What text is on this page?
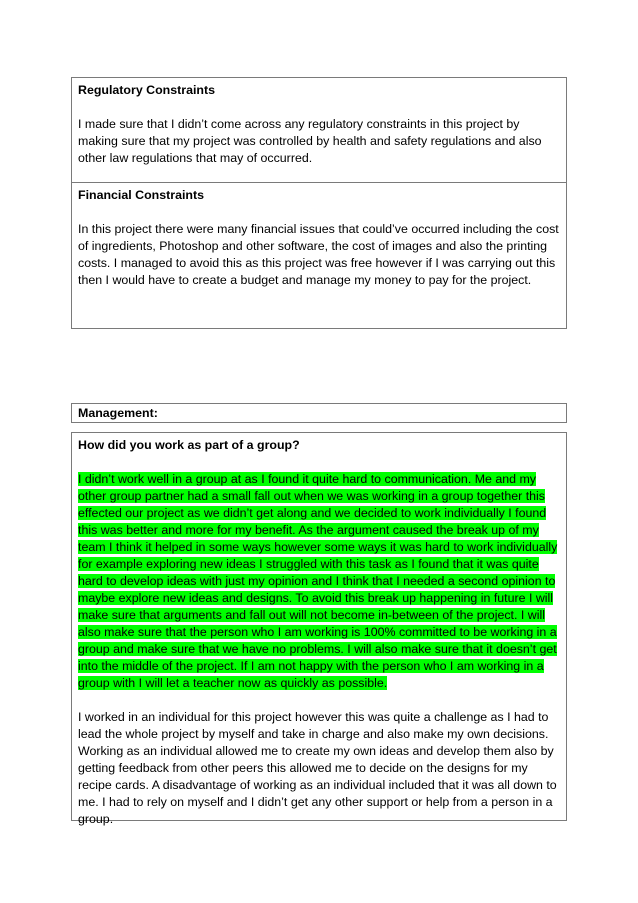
Regulatory Constraints

I made sure that I didn’t come across any regulatory constraints in this project by making sure that my project was controlled by health and safety regulations and also other law regulations that may of occurred.

Financial Constraints

In this project there were many financial issues that could’ve occurred including the cost of ingredients, Photoshop and other software, the cost of images and also the printing costs. I managed to avoid this as this project was free however if I was carrying out this then I would have to create a budget and manage my money to pay for the project.

Management:

How did you work as part of a group?

I didn’t work well in a group at as I found it quite hard to communication. Me and my other group partner had a small fall out when we was working in a group together this effected our project as we didn’t get along and we decided to work individually I found this was better and more for my benefit. As the argument caused the break up of my team I think it helped in some ways however some ways it was hard to work individually for example exploring new ideas I struggled with this task as I found that it was quite hard to develop ideas with just my opinion and I think that I needed a second opinion to maybe explore new ideas and designs. To avoid this break up happening in future I will make sure that arguments and fall out will not become in-between of the project. I will also make sure that the person who I am working is 100% committed to be working in a group and make sure that we have no problems. I will also make sure that it doesn’t get into the middle of the project. If I am not happy with the person who I am working in a group with I will let a teacher now as quickly as possible.

I worked in an individual for this project however this was quite a challenge as I had to lead the whole project by myself and take in charge and also make my own decisions. Working as an individual allowed me to create my own ideas and develop them also by getting feedback from other peers this allowed me to decide on the designs for my recipe cards. A disadvantage of working as an individual included that it was all down to me. I had to rely on myself and I didn’t get any other support or help from a person in a group.
